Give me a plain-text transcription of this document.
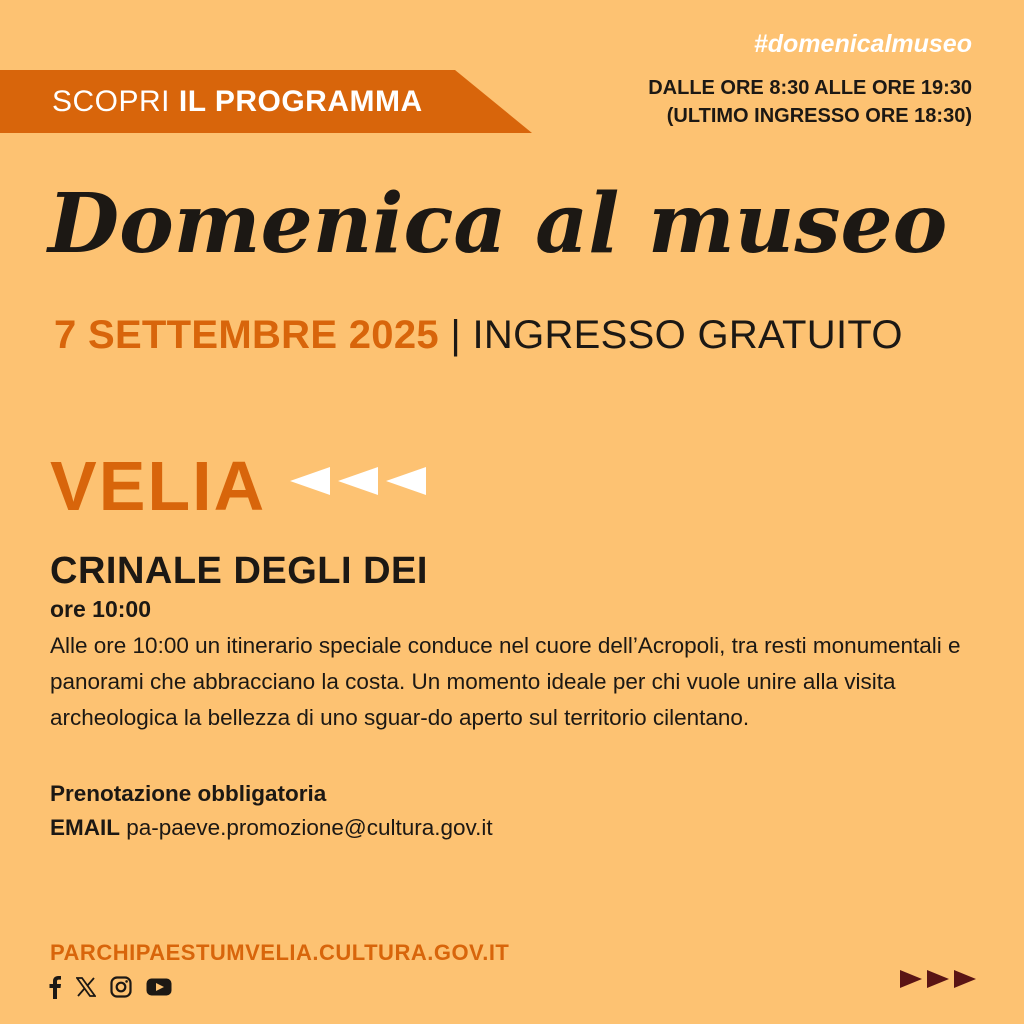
SCOPRI IL PROGRAMMA
#domenicalmuseo
DALLE ORE 8:30 ALLE ORE 19:30
(ULTIMO INGRESSO ORE 18:30)
Domenica al museo
7 SETTEMBRE 2025 | INGRESSO GRATUITO
VELIA
CRINALE DEGLI DEI
ore 10:00
Alle ore 10:00 un itinerario speciale conduce nel cuore dell’Acropoli, tra resti monumentali e panorami che abbracciano la costa. Un momento ideale per chi vuole unire alla visita archeologica la bellezza di uno sguar-do aperto sul territorio cilentano.
Prenotazione obbligatoria
EMAIL pa-paeve.promozione@cultura.gov.it
PARCHIPAESTUMVELIA.CULTURA.GOV.IT
